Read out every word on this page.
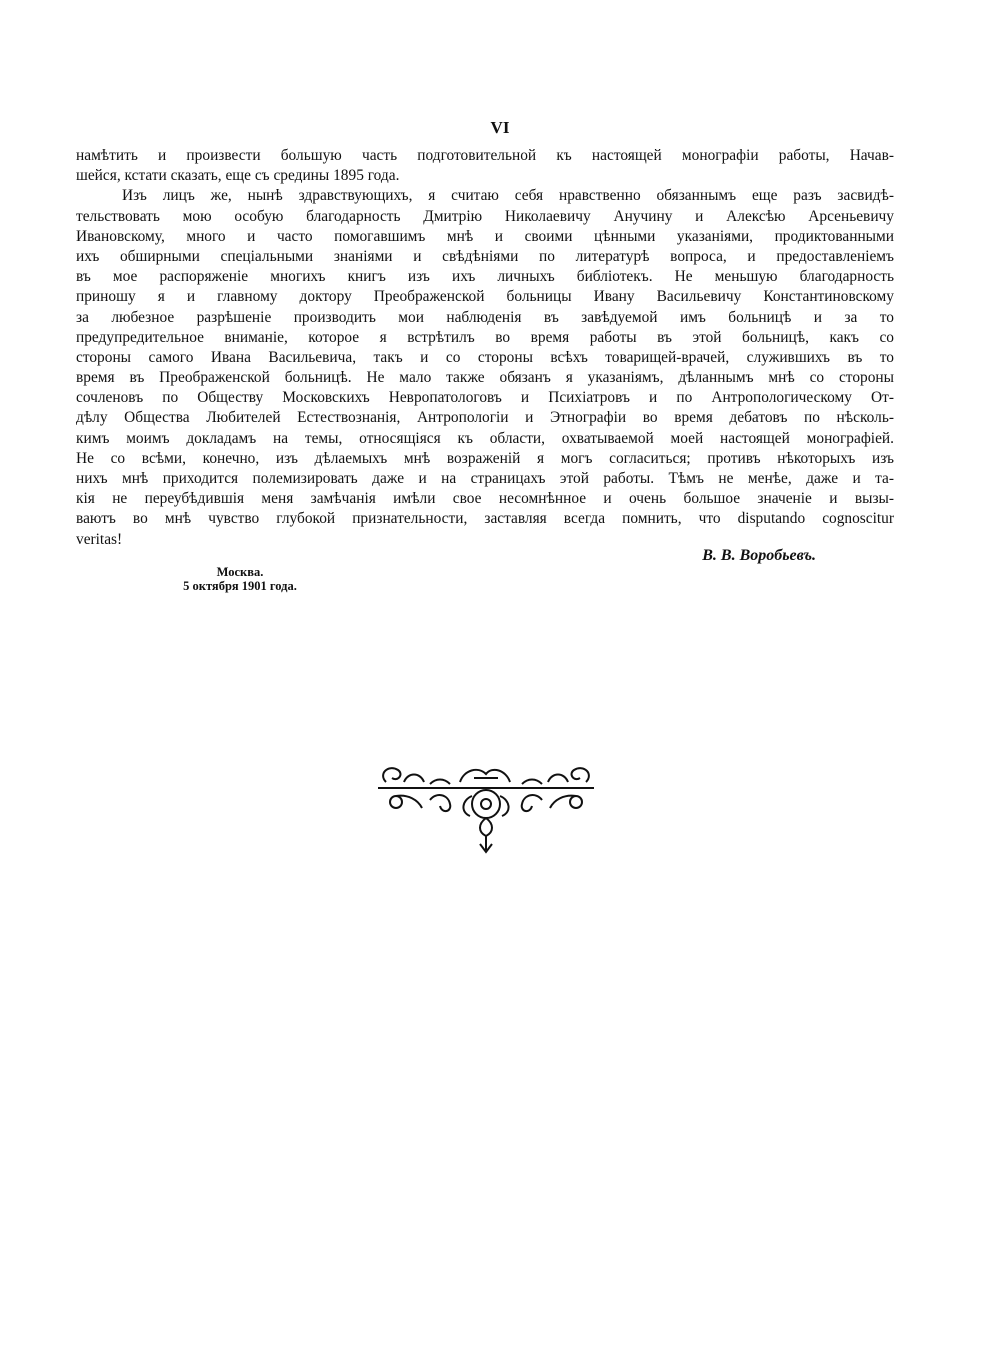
VI
намѣтить и произвести большую часть подготовительной къ настоящей монографіи работы, Начав-
шейся, кстати сказать, еще съ средины 1895 года.
Изъ лицъ же, нынѣ здравствующихъ, я считаю себя нравственно обязаннымъ еще разъ засвидѣ-
тельствовать мою особую благодарность Дмитрію Николаевичу Анучину и Алексѣю Арсеньевичу
Ивановскому, много и часто помогавшимъ мнѣ и своими цѣнными указаніями, продиктованными
ихъ обширными спеціальными знаніями и свѣдѣніями по литературѣ вопроса, и предоставленіемъ
въ мое распоряженіе многихъ книгъ изъ ихъ личныхъ библіотекъ. Не меньшую благодарность
приношу я и главному доктору Преображенской больницы Ивану Васильевичу Константиновскому
за любезное разрѣшеніе производить мои наблюденія въ завѣдуемой имъ больницѣ и за то
предупредительное вниманіе, которое я встрѣтилъ во время работы въ этой больницѣ, какъ со
стороны самого Ивана Васильевича, такъ и со стороны всѣхъ товарищей-врачей, служившихъ въ то
время въ Преображенской больницѣ. Не мало также обязанъ я указаніямъ, дѣланнымъ мнѣ со стороны
сочленовъ по Обществу Московскихъ Невропатологовъ и Психіатровъ и по Антропологическому От-
дѣлу Общества Любителей Естествознанія, Антропологіи и Этнографіи во время дебатовъ по нѣсколь-
кимъ моимъ докладамъ на темы, относящіяся къ области, охватываемой моей настоящей монографіей.
Не со всѣми, конечно, изъ дѣлаемыхъ мнѣ возраженій я могъ согласиться; противъ нѣкоторыхъ изъ
нихъ мнѣ приходится полемизировать даже и на страницахъ этой работы. Тѣмъ не менѣе, даже и та-
кія не переубѣдившія меня замѣчанія имѣли свое несомнѣнное и очень большое значеніе и вызы-
ваютъ во мнѣ чувство глубокой признательности, заставляя всегда помнить, что disputando cognoscitur
veritas!
В. В. Воробьевъ.
Москва.
5 октября 1901 года.
